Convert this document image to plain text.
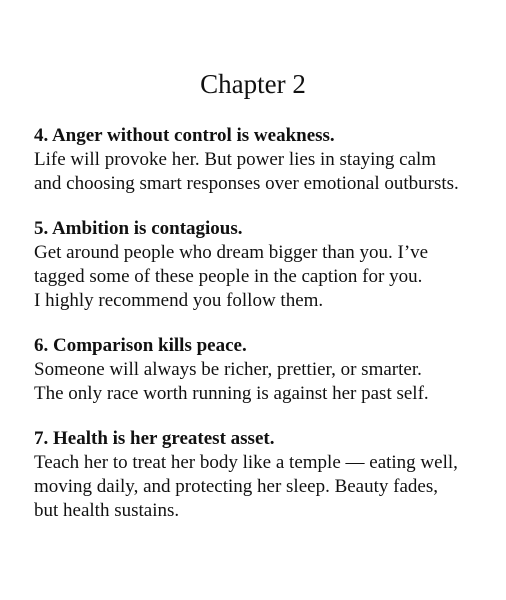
Chapter 2

4. Anger without control is weakness.

Life will provoke her. But power lies in staying calm

and choosing smart responses over emotional outbursts.

5. Ambition is contagious.

Get around people who dream bigger than you. I’ve

tagged some of these people in the caption for you.

I highly recommend you follow them.

6. Comparison kills peace.

Someone will always be richer, prettier, or smarter.

The only race worth running is against her past self.

7. Health is her greatest asset.

Teach her to treat her body like a temple — eating well,

moving daily, and protecting her sleep. Beauty fades,

but health sustains.
